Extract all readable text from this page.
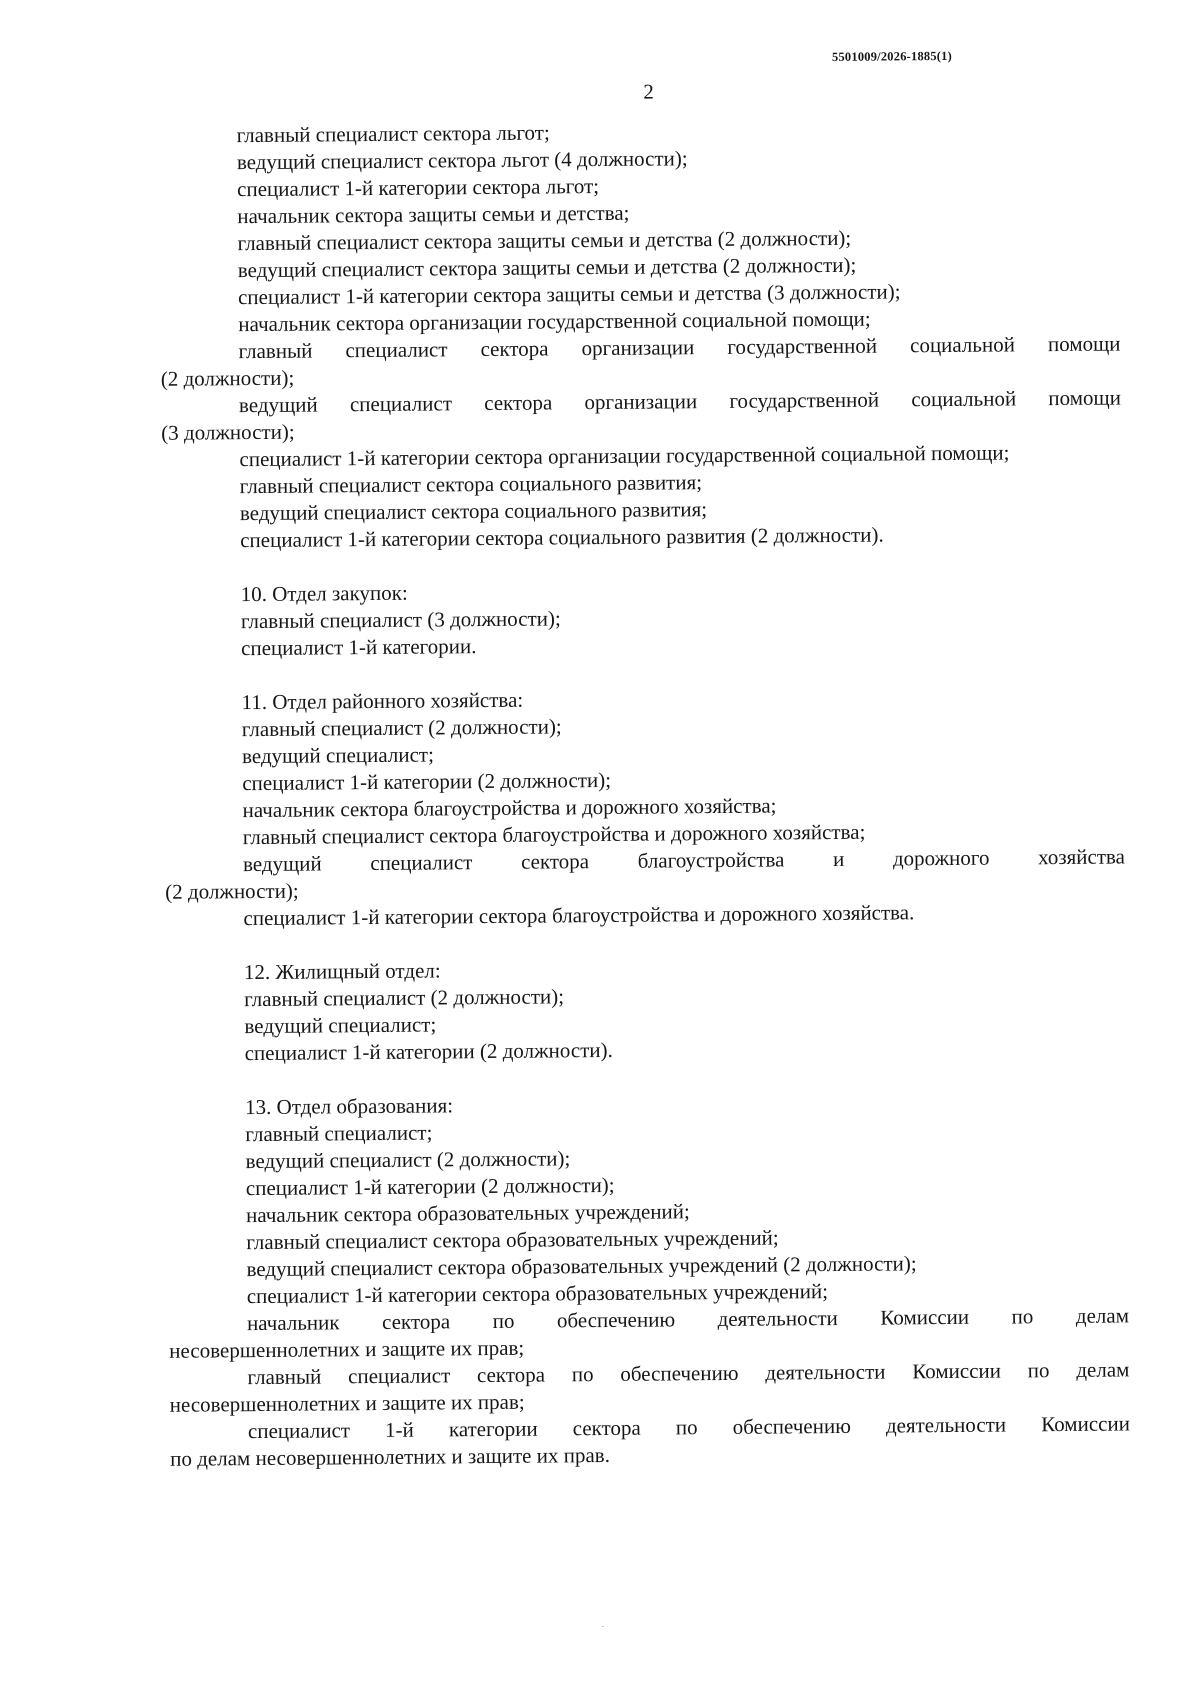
5501009/2026-1885(1)
2
главный специалист сектора льгот;
ведущий специалист сектора льгот (4 должности);
специалист 1-й категории сектора льгот;
начальник сектора защиты семьи и детства;
главный специалист сектора защиты семьи и детства (2 должности);
ведущий специалист сектора защиты семьи и детства (2 должности);
специалист 1-й категории сектора защиты семьи и детства (3 должности);
начальник сектора организации государственной социальной помощи;
главный специалист сектора организации государственной социальной помощи
(2 должности);
ведущий специалист сектора организации государственной социальной помощи
(3 должности);
специалист 1-й категории сектора организации государственной социальной помощи;
главный специалист сектора социального развития;
ведущий специалист сектора социального развития;
специалист 1-й категории сектора социального развития (2 должности).
10. Отдел закупок:
главный специалист (3 должности);
специалист 1-й категории.
11. Отдел районного хозяйства:
главный специалист (2 должности);
ведущий специалист;
специалист 1-й категории (2 должности);
начальник сектора благоустройства и дорожного хозяйства;
главный специалист сектора благоустройства и дорожного хозяйства;
ведущий специалист сектора благоустройства и дорожного хозяйства
(2 должности);
специалист 1-й категории сектора благоустройства и дорожного хозяйства.
12. Жилищный отдел:
главный специалист (2 должности);
ведущий специалист;
специалист 1-й категории (2 должности).
13. Отдел образования:
главный специалист;
ведущий специалист (2 должности);
специалист 1-й категории (2 должности);
начальник сектора образовательных учреждений;
главный специалист сектора образовательных учреждений;
ведущий специалист сектора образовательных учреждений (2 должности);
специалист 1-й категории сектора образовательных учреждений;
начальник сектора по обеспечению деятельности Комиссии по делам
несовершеннолетних и защите их прав;
главный специалист сектора по обеспечению деятельности Комиссии по делам
несовершеннолетних и защите их прав;
специалист 1-й категории сектора по обеспечению деятельности Комиссии
по делам несовершеннолетних и защите их прав.
